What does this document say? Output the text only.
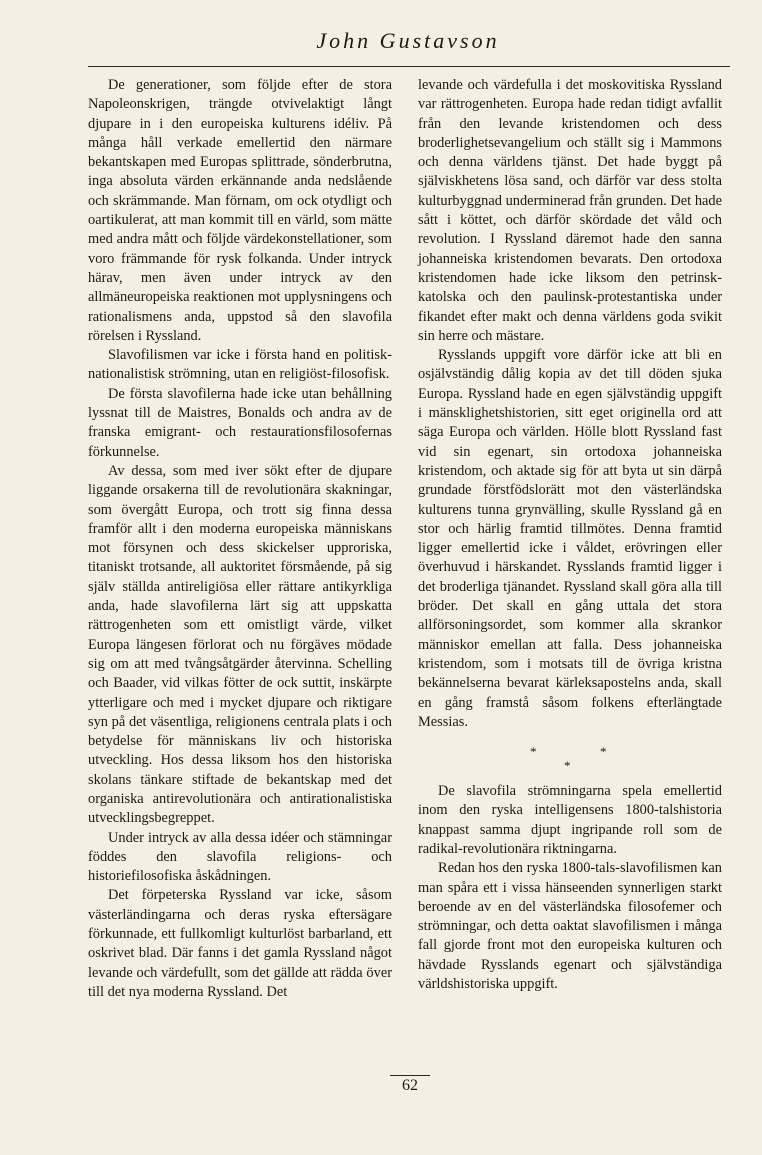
John Gustavson

De generationer, som följde efter de stora Napoleonskrigen, trängde otvivelaktigt långt djupare in i den europeiska kulturens idéliv. På många håll verkade emellertid den närmare bekantskapen med Europas splittrade, sönderbrutna, inga absoluta värden erkännande anda nedslående och skrämmande. Man förnam, om ock otydligt och oartikulerat, att man kommit till en värld, som mätte med andra mått och följde värdekonstellationer, som voro främmande för rysk folkanda. Under intryck härav, men även under intryck av den allmäneuropeiska reaktionen mot upplysningens och rationalismens anda, uppstod så den slavofila rörelsen i Ryssland.

Slavofilismen var icke i första hand en politisk-nationalistisk strömning, utan en religiöst-filosofisk.

De första slavofilerna hade icke utan behållning lyssnat till de Maistres, Bonalds och andra av de franska emigrant- och restaurationsfilosofernas förkunnelse.

Av dessa, som med iver sökt efter de djupare liggande orsakerna till de revolutionära skakningar, som övergått Europa, och trott sig finna dessa framför allt i den moderna europeiska människans mot försynen och dess skickelser upproriska, titaniskt trotsande, all auktoritet försmående, på sig själv ställda antireligiösa eller rättare antikyrkliga anda, hade slavofilerna lärt sig att uppskatta rättrogenheten som ett omistligt värde, vilket Europa längesen förlorat och nu förgäves mödade sig om att med tvångsåtgärder återvinna. Schelling och Baader, vid vilkas fötter de ock suttit, inskärpte ytterligare och med i mycket djupare och riktigare syn på det väsentliga, religionens centrala plats i och betydelse för människans liv och historiska utveckling. Hos dessa liksom hos den historiska skolans tänkare stiftade de bekantskap med det organiska antirevolutionära och antirationalistiska utvecklingsbegreppet.

Under intryck av alla dessa idéer och stämningar föddes den slavofila religions- och historiefilosofiska åskådningen.

Det förpeterska Ryssland var icke, såsom västerländingarna och deras ryska eftersägare förkunnade, ett fullkomligt kulturlöst barbarland, ett oskrivet blad. Där fanns i det gamla Ryssland något levande och värdefullt, som det gällde att rädda över till det nya moderna Ryssland. Det

levande och värdefulla i det moskovitiska Ryssland var rättrogenheten. Europa hade redan tidigt avfallit från den levande kristendomen och dess broderlighetsevangelium och ställt sig i Mammons och denna världens tjänst. Det hade byggt på själviskhetens lösa sand, och därför var dess stolta kulturbyggnad underminerad från grunden. Det hade sått i köttet, och därför skördade det våld och revolution. I Ryssland däremot hade den sanna johanneiska kristendomen bevarats. Den ortodoxa kristendomen hade icke liksom den petrinsk-katolska och den paulinsk-protestantiska under fikandet efter makt och denna världens goda svikit sin herre och mästare.

Rysslands uppgift vore därför icke att bli en osjälvständig dålig kopia av det till döden sjuka Europa. Ryssland hade en egen självständig uppgift i mänsklighetshistorien, sitt eget originella ord att säga Europa och världen. Hölle blott Ryssland fast vid sin egenart, sin ortodoxa johanneiska kristendom, och aktade sig för att byta ut sin därpå grundade förstfödslorätt mot den västerländska kulturens tunna grynvälling, skulle Ryssland gå en stor och härlig framtid tillmötes. Denna framtid ligger emellertid icke i våldet, erövringen eller överhuvud i härskandet. Rysslands framtid ligger i det broderliga tjänandet. Ryssland skall göra alla till bröder. Det skall en gång uttala det stora allförsoningsordet, som kommer alla skrankor människor emellan att falla. Dess johanneiska kristendom, som i motsats till de övriga kristna bekännelserna bevarat kärleksapostelns anda, skall en gång framstå såsom folkens efterlängtade Messias.

*	*
*

De slavofila strömningarna spela emellertid inom den ryska intelligensens 1800-talshistoria knappast samma djupt ingripande roll som de radikal-revolutionära riktningarna.

Redan hos den ryska 1800-tals-slavofilismen kan man spåra ett i vissa hänseenden synnerligen starkt beroende av en del västerländska filosofemer och strömningar, och detta oaktat slavofilismen i många fall gjorde front mot den europeiska kulturen och hävdade Rysslands egenart och självständiga världshistoriska uppgift.

62
